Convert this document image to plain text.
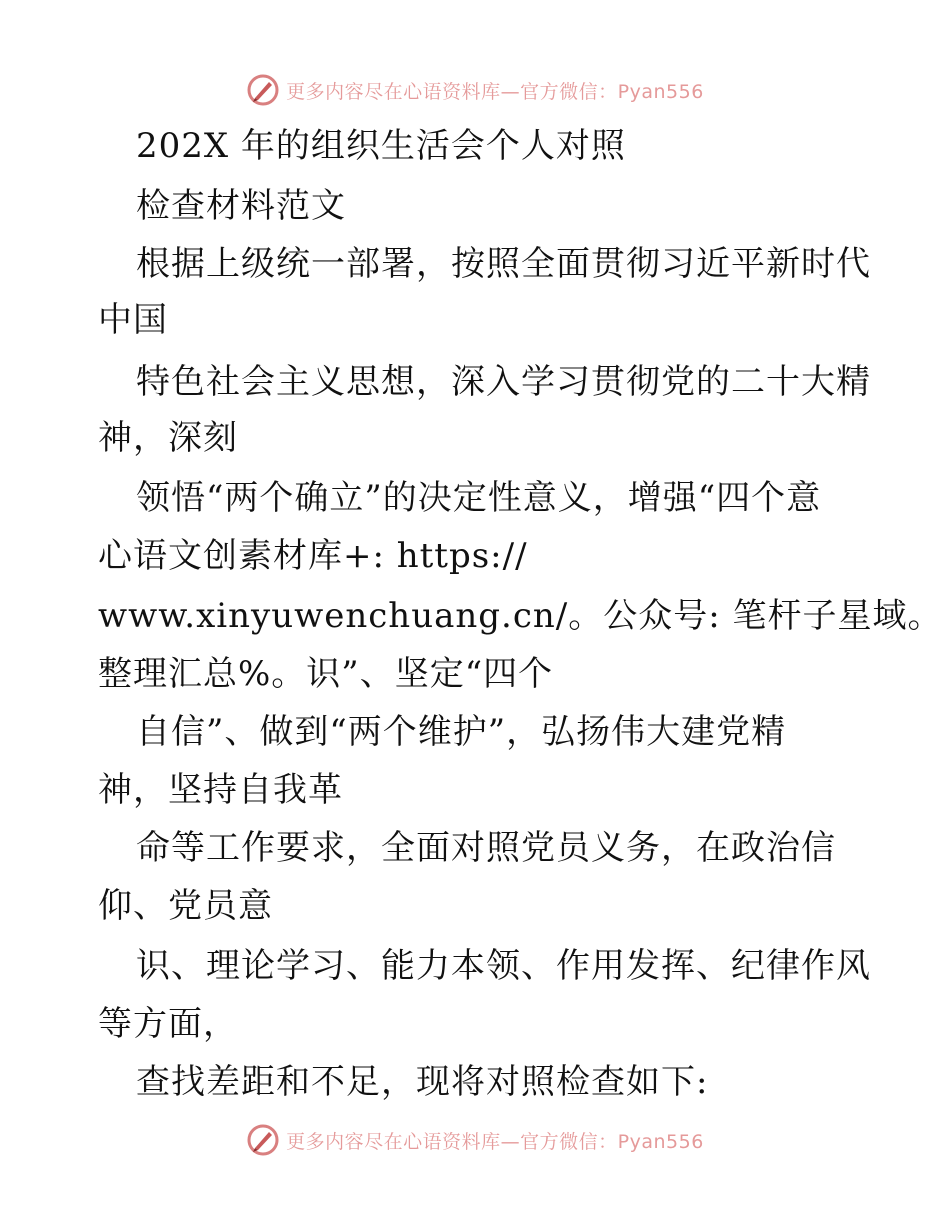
更多内容尽在心语资料库—官方微信：Pyan556
202X 年的组织生活会个人对照
检查材料范文
根据上级统一部署，按照全面贯彻习近平新时代
中国
特色社会主义思想，深入学习贯彻党的二十大精
神，深刻
领悟“两个确立”的决定性意义，增强“四个意
心语文创素材库+: https://
www.xinyuwenchuang.cn/。公众号: 笔杆子星域。
整理汇总%。识”、坚定“四个
自信”、做到“两个维护”，弘扬伟大建党精
神，坚持自我革
命等工作要求，全面对照党员义务，在政治信
仰、党员意
识、理论学习、能力本领、作用发挥、纪律作风
等方面，
查找差距和不足，现将对照检查如下:
更多内容尽在心语资料库—官方微信：Pyan556
